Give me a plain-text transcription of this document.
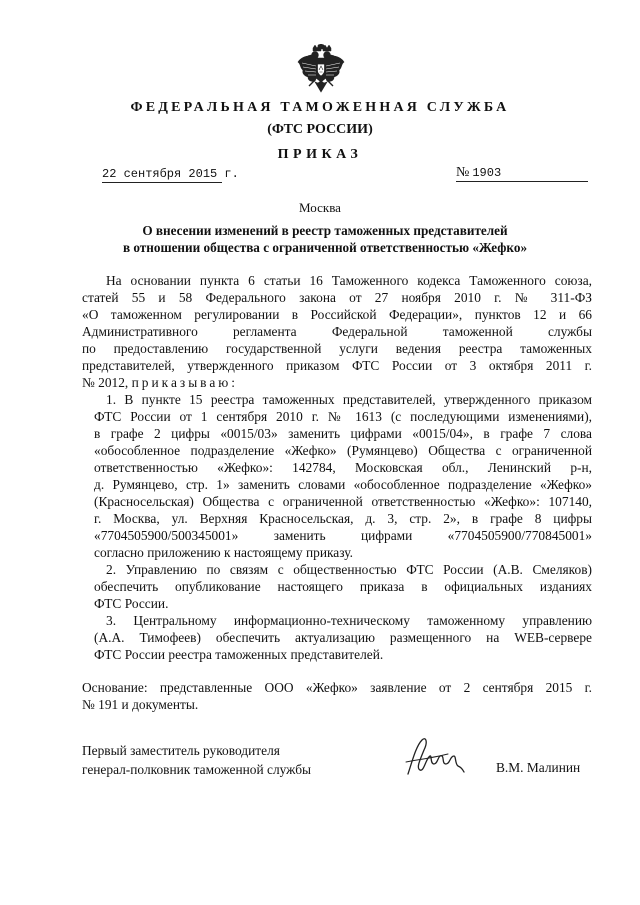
ФЕДЕРАЛЬНАЯ ТАМОЖЕННАЯ СЛУЖБА
(ФТС РОССИИ)
ПРИКАЗ
22 сентября 2015 г.	№ 1903
Москва
О внесении изменений в реестр таможенных представителей
в отношении общества с ограниченной ответственностью «Жефко»
На основании пункта 6 статьи 16 Таможенного кодекса Таможенного союза,
статей 55 и 58 Федерального закона от 27 ноября 2010 г. № 311-ФЗ
«О таможенном регулировании в Российской Федерации», пунктов 12 и 66
Административного регламента Федеральной таможенной службы
по предоставлению государственной услуги ведения реестра таможенных
представителей, утвержденного приказом ФТС России от 3 октября 2011 г.
№ 2012, приказываю:
1. В пункте 15 реестра таможенных представителей, утвержденного приказом
ФТС России от 1 сентября 2010 г. № 1613 (с последующими изменениями),
в графе 2 цифры «0015/03» заменить цифрами «0015/04», в графе 7 слова
«обособленное подразделение «Жефко» (Румянцево) Общества с ограниченной
ответственностью «Жефко»: 142784, Московская обл., Ленинский р-н,
д. Румянцево, стр. 1» заменить словами «обособленное подразделение «Жефко»
(Красносельская) Общества с ограниченной ответственностью «Жефко»: 107140,
г. Москва, ул. Верхняя Красносельская, д. 3, стр. 2», в графе 8 цифры
«7704505900/500345001» заменить цифрами «7704505900/770845001»
согласно приложению к настоящему приказу.
2. Управлению по связям с общественностью ФТС России (А.В. Смеляков)
обеспечить опубликование настоящего приказа в официальных изданиях
ФТС России.
3. Центральному информационно-техническому таможенному управлению
(А.А. Тимофеев) обеспечить актуализацию размещенного на WEB-сервере
ФТС России реестра таможенных представителей.
Основание: представленные ООО «Жефко» заявление от 2 сентября 2015 г.
№ 191 и документы.
Первый заместитель руководителя
генерал-полковник таможенной службы	В.М. Малинин
